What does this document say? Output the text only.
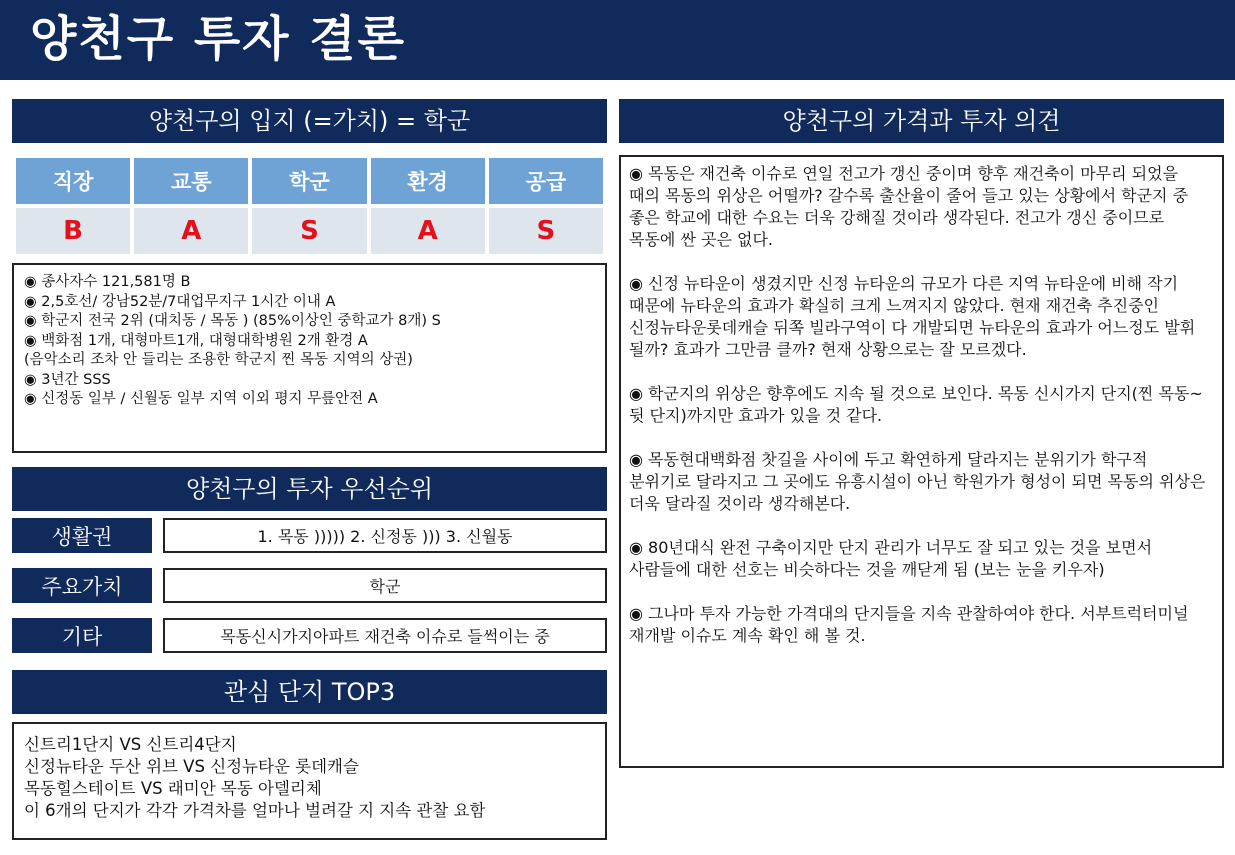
양천구 투자 결론
양천구의 입지 (=가치) = 학군
직장	교통	학군	환경	공급
B	A	S	A	S
◉ 종사자수 121,581명 B
◉ 2,5호선/ 강남52분/7대업무지구 1시간 이내 A
◉ 학군지 전국 2위 (대치동 / 목동 ) (85%이상인 중학교가 8개) S
◉ 백화점 1개, 대형마트1개, 대형대학병원 2개 환경 A
(음악소리 조차 안 들리는 조용한 학군지 찐 목동 지역의 상권)
◉ 3년간 SSS
◉ 신정동 일부 / 신월동 일부 지역 이외 평지 무릎안전 A
양천구의 투자 우선순위
생활권	1. 목동 ))))) 2. 신정동 ))) 3. 신월동
주요가치	학군
기타	목동신시가지아파트 재건축 이슈로 들썩이는 중
관심 단지 TOP3
신트리1단지 VS 신트리4단지
신정뉴타운 두산 위브 VS 신정뉴타운 롯데캐슬
목동힐스테이트 VS 래미안 목동 아델리체
이 6개의 단지가 각각 가격차를 얼마나 벌려갈 지 지속 관찰 요함
양천구의 가격과 투자 의견

◉ 목동은 재건축 이슈로 연일 전고가 갱신 중이며 향후 재건축이 마무리 되었을 때의 목동의 위상은 어떨까? 갈수록 출산율이 줄어 들고 있는 상황에서 학군지 중 좋은 학교에 대한 수요는 더욱 강해질 것이라 생각된다. 전고가 갱신 중이므로 목동에 싼 곳은 없다.

◉ 신정 뉴타운이 생겼지만 신정 뉴타운의 규모가 다른 지역 뉴타운에 비해 작기 때문에 뉴타운의 효과가 확실히 크게 느껴지지 않았다. 현재 재건축 추진중인 신정뉴타운롯데캐슬 뒤쪽 빌라구역이 다 개발되면 뉴타운의 효과가 어느정도 발휘 될까? 효과가 그만큼 클까? 현재 상황으로는 잘 모르겠다.

◉ 학군지의 위상은 향후에도 지속 될 것으로 보인다. 목동 신시가지 단지(찐 목동~뒷 단지)까지만 효과가 있을 것 같다.

◉ 목동현대백화점 찻길을 사이에 두고 확연하게 달라지는 분위기가 학구적 분위기로 달라지고 그 곳에도 유흥시설이 아닌 학원가가 형성이 되면 목동의 위상은 더욱 달라질 것이라 생각해본다.

◉ 80년대식 완전 구축이지만 단지 관리가 너무도 잘 되고 있는 것을 보면서 사람들에 대한 선호는 비슷하다는 것을 깨닫게 됨 (보는 눈을 키우자)

◉ 그나마 투자 가능한 가격대의 단지들을 지속 관찰하여야 한다. 서부트럭터미널 재개발 이슈도 계속 확인 해 볼 것.
